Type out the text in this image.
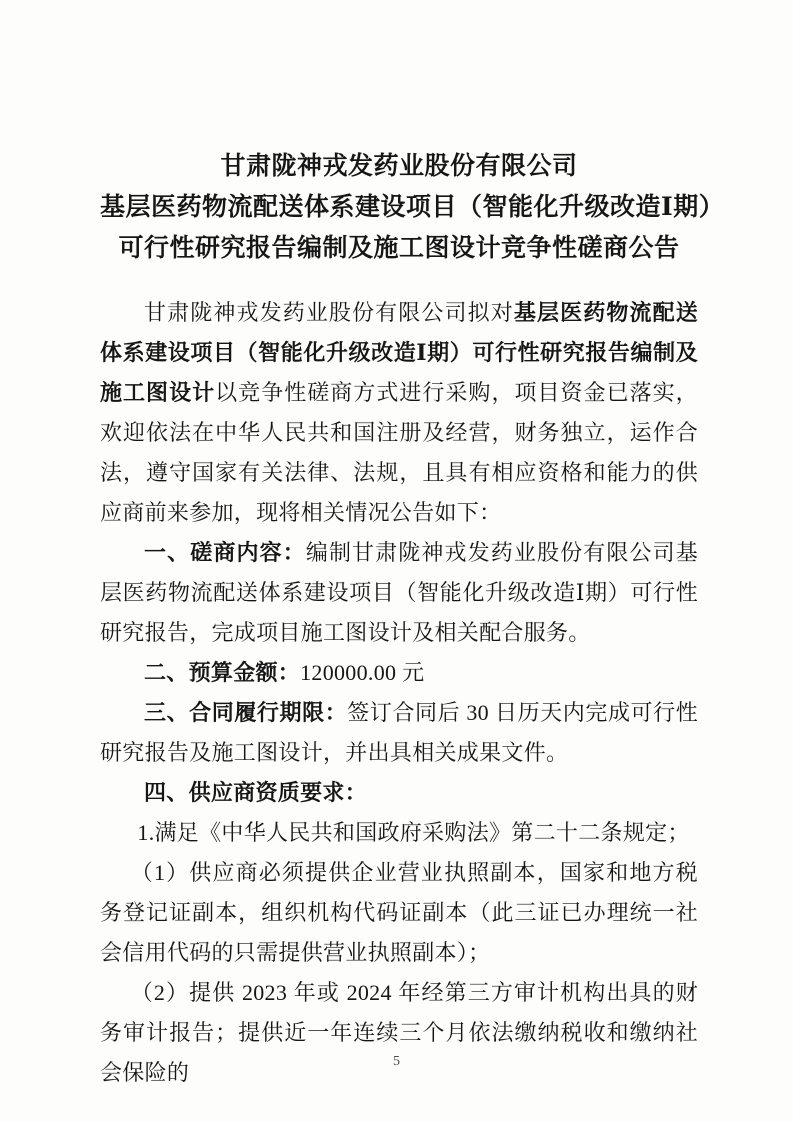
甘肃陇神戎发药业股份有限公司
基层医药物流配送体系建设项目（智能化升级改造Ⅰ期）
可行性研究报告编制及施工图设计竞争性磋商公告

甘肃陇神戎发药业股份有限公司拟对基层医药物流配送体系建设项目（智能化升级改造Ⅰ期）可行性研究报告编制及施工图设计以竞争性磋商方式进行采购，项目资金已落实，欢迎依法在中华人民共和国注册及经营，财务独立，运作合法，遵守国家有关法律、法规，且具有相应资格和能力的供应商前来参加，现将相关情况公告如下：

一、磋商内容：编制甘肃陇神戎发药业股份有限公司基层医药物流配送体系建设项目（智能化升级改造Ⅰ期）可行性研究报告，完成项目施工图设计及相关配合服务。

二、预算金额：120000.00 元

三、合同履行期限：签订合同后 30 日历天内完成可行性研究报告及施工图设计，并出具相关成果文件。

四、供应商资质要求：

1.满足《中华人民共和国政府采购法》第二十二条规定；

（1）供应商必须提供企业营业执照副本，国家和地方税务登记证副本，组织机构代码证副本（此三证已办理统一社会信用代码的只需提供营业执照副本）；

（2）提供 2023 年或 2024 年经第三方审计机构出具的财务审计报告；提供近一年连续三个月依法缴纳税收和缴纳社会保险的	5
